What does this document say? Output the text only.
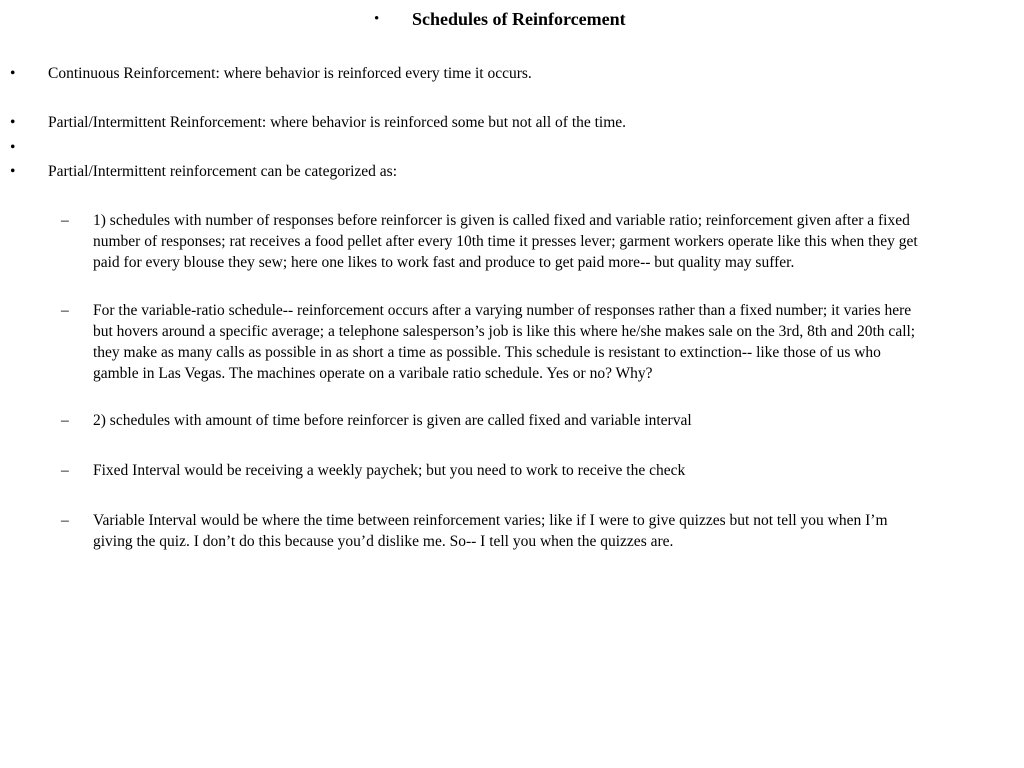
• Schedules of Reinforcement
• Continuous Reinforcement: where behavior is reinforced every time it occurs.
• Partial/Intermittent Reinforcement: where behavior is reinforced some but not all of the time.
•
• Partial/Intermittent reinforcement can be categorized as:
– 1) schedules with number of responses before reinforcer is given is called fixed and variable ratio; reinforcement given after a fixed
number of responses; rat receives a food pellet after every 10th time it presses lever; garment workers operate like this when they get
paid for every blouse they sew; here one likes to work fast and produce to get paid more-- but quality may suffer.
– For the variable-ratio schedule-- reinforcement occurs after a varying number of responses rather than a fixed number; it varies here
but hovers around a specific average; a telephone salesperson’s job is like this where he/she makes sale on the 3rd, 8th and 20th call;
they make as many calls as possible in as short a time as possible. This schedule is resistant to extinction-- like those of us who
gamble in Las Vegas. The machines operate on a varibale ratio schedule. Yes or no? Why?
– 2) schedules with amount of time before reinforcer is given are called fixed and variable interval
– Fixed Interval would be receiving a weekly paychek; but you need to work to receive the check
– Variable Interval would be where the time between reinforcement varies; like if I were to give quizzes but not tell you when I’m
giving the quiz. I don’t do this because you’d dislike me. So-- I tell you when the quizzes are.
